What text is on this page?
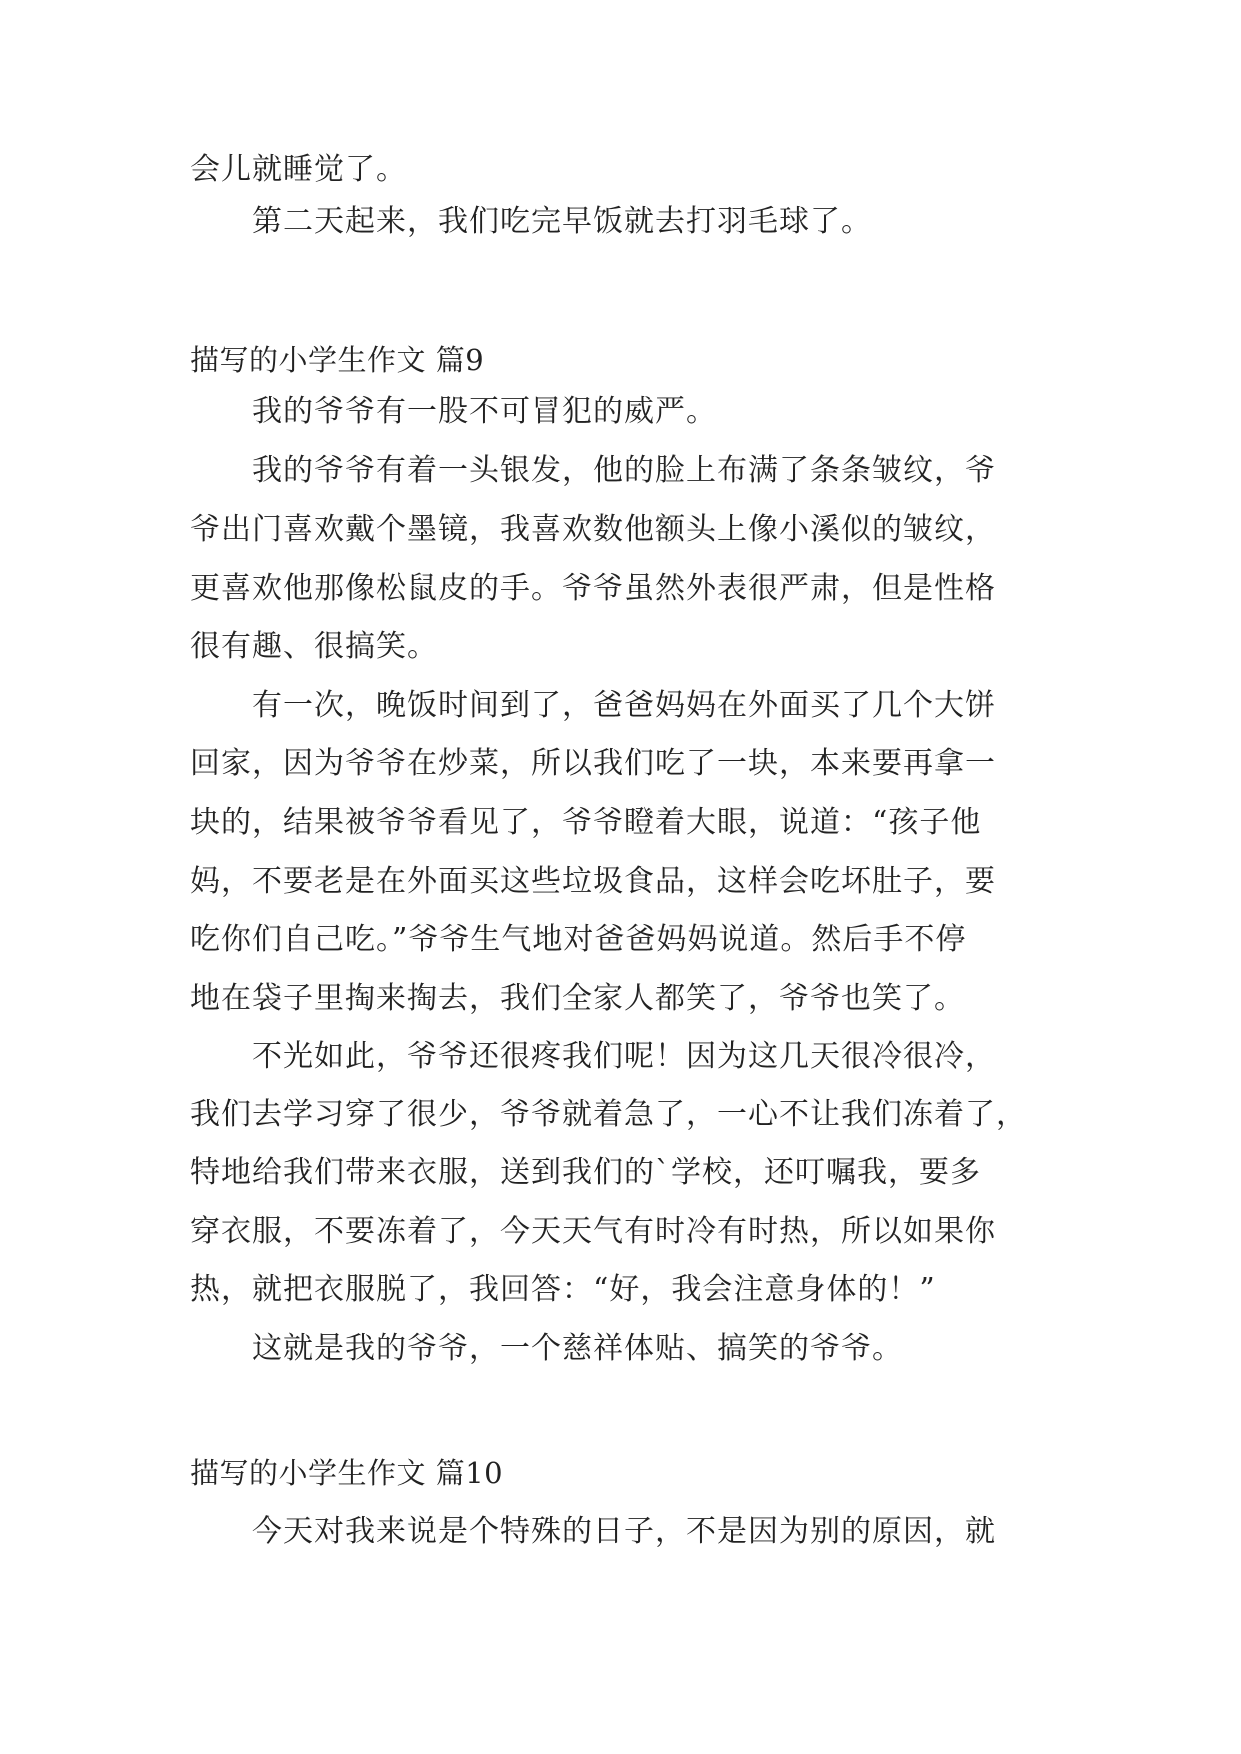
会儿就睡觉了。
第二天起来，我们吃完早饭就去打羽毛球了。
描写的小学生作文 篇9
我的爷爷有一股不可冒犯的威严。
我的爷爷有着一头银发，他的脸上布满了条条皱纹，爷
爷出门喜欢戴个墨镜，我喜欢数他额头上像小溪似的皱纹，
更喜欢他那像松鼠皮的手。爷爷虽然外表很严肃，但是性格
很有趣、很搞笑。
有一次，晚饭时间到了，爸爸妈妈在外面买了几个大饼
回家，因为爷爷在炒菜，所以我们吃了一块，本来要再拿一
块的，结果被爷爷看见了，爷爷瞪着大眼，说道：“孩子他
妈，不要老是在外面买这些垃圾食品，这样会吃坏肚子，要
吃你们自己吃。”爷爷生气地对爸爸妈妈说道。然后手不停
地在袋子里掏来掏去，我们全家人都笑了，爷爷也笑了。
不光如此，爷爷还很疼我们呢！因为这几天很冷很冷，
我们去学习穿了很少，爷爷就着急了，一心不让我们冻着了，
特地给我们带来衣服，送到我们的`学校，还叮嘱我，要多
穿衣服，不要冻着了，今天天气有时冷有时热，所以如果你
热，就把衣服脱了，我回答：“好，我会注意身体的！”
这就是我的爷爷，一个慈祥体贴、搞笑的爷爷。
描写的小学生作文 篇10
今天对我来说是个特殊的日子，不是因为别的原因，就
